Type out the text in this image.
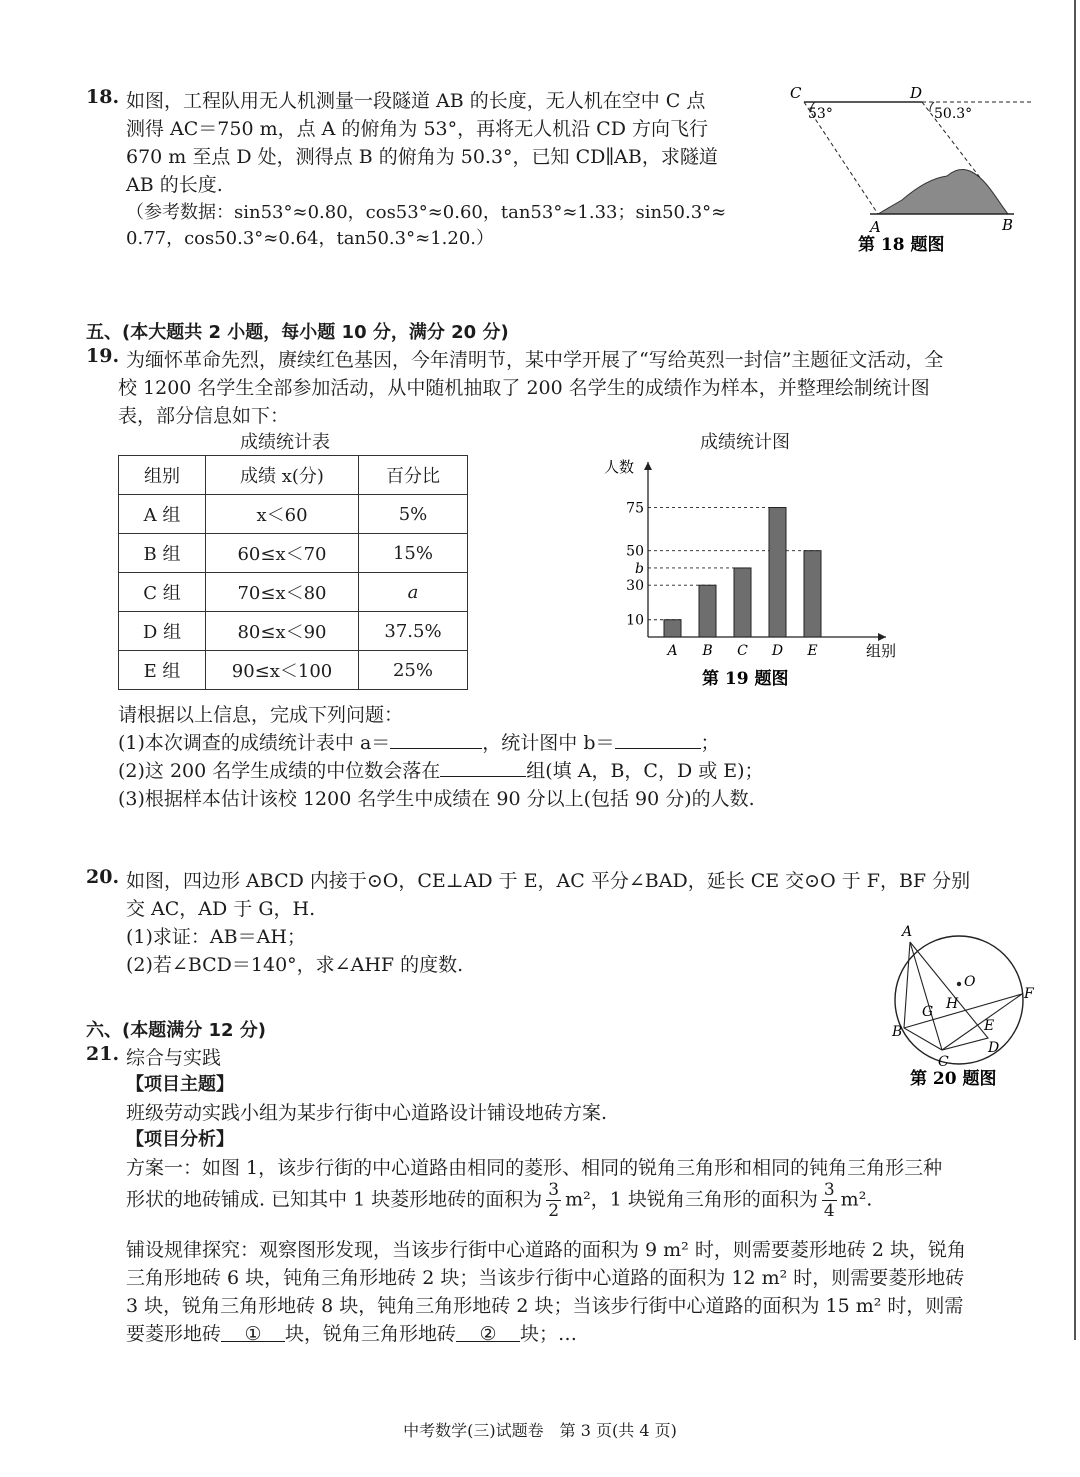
18. 如图，工程队用无人机测量一段隧道 AB 的长度，无人机在空中 C 点
测得 AC＝750 m，点 A 的俯角为 53°，再将无人机沿 CD 方向飞行
670 m 至点 D 处，测得点 B 的俯角为 50.3°，已知 CD∥AB，求隧道
AB 的长度.
（参考数据：sin53°≈0.80，cos53°≈0.60，tan53°≈1.33；sin50.3°≈
0.77，cos50.3°≈0.64，tan50.3°≈1.20.）
C	D
A	B
53°	50.3°
第 18 题图
五、(本大题共 2 小题，每小题 10 分，满分 20 分)
19. 为缅怀革命先烈，赓续红色基因，今年清明节，某中学开展了“写给英烈一封信”主题征文活动，全
校 1200 名学生全部参加活动，从中随机抽取了 200 名学生的成绩作为样本，并整理绘制统计图
表，部分信息如下：
成绩统计表
组别	成绩 x(分)	百分比
A 组	x＜60	5%
B 组	60≤x＜70	15%
C 组	70≤x＜80	a
D 组	80≤x＜90	37.5%
E 组	90≤x＜100	25%
成绩统计图
人数
组别
10
30
b
50
75
A B C D E
第 19 题图
请根据以上信息，完成下列问题：
(1)本次调查的成绩统计表中 a＝	，统计图中 b＝	；
(2)这 200 名学生成绩的中位数会落在	组(填 A，B，C，D 或 E)；
(3)根据样本估计该校 1200 名学生中成绩在 90 分以上(包括 90 分)的人数.
20. 如图，四边形 ABCD 内接于⊙O，CE⊥AD 于 E，AC 平分∠BAD，延长 CE 交⊙O 于 F，BF 分别
交 AC，AD 于 G，H.
(1)求证：AB＝AH；
(2)若∠BCD＝140°，求∠AHF 的度数.
A
O
F
H
G
B	E
C
D
第 20 题图
六、(本题满分 12 分)
21. 综合与实践
【项目主题】
班级劳动实践小组为某步行街中心道路设计铺设地砖方案.
【项目分析】
方案一：如图 1，该步行街的中心道路由相同的菱形、相同的锐角三角形和相同的钝角三角形三种
形状的地砖铺成. 已知其中 1 块菱形地砖的面积为 $\frac{3}{2} m^2$，1 块锐角三角形的面积为 $\frac{3}{4} m^2$.
铺设规律探究：观察图形发现，当该步行街中心道路的面积为 9 m² 时，则需要菱形地砖 2 块，锐角
三角形地砖 6 块，钝角三角形地砖 2 块；当该步行街中心道路的面积为 12 m² 时，则需要菱形地砖
3 块，锐角三角形地砖 8 块，钝角三角形地砖 2 块；当该步行街中心道路的面积为 15 m² 时，则需
要菱形地砖 ① 块，锐角三角形地砖 ② 块；…
中考数学(三)试题卷　第 3 页(共 4 页)
